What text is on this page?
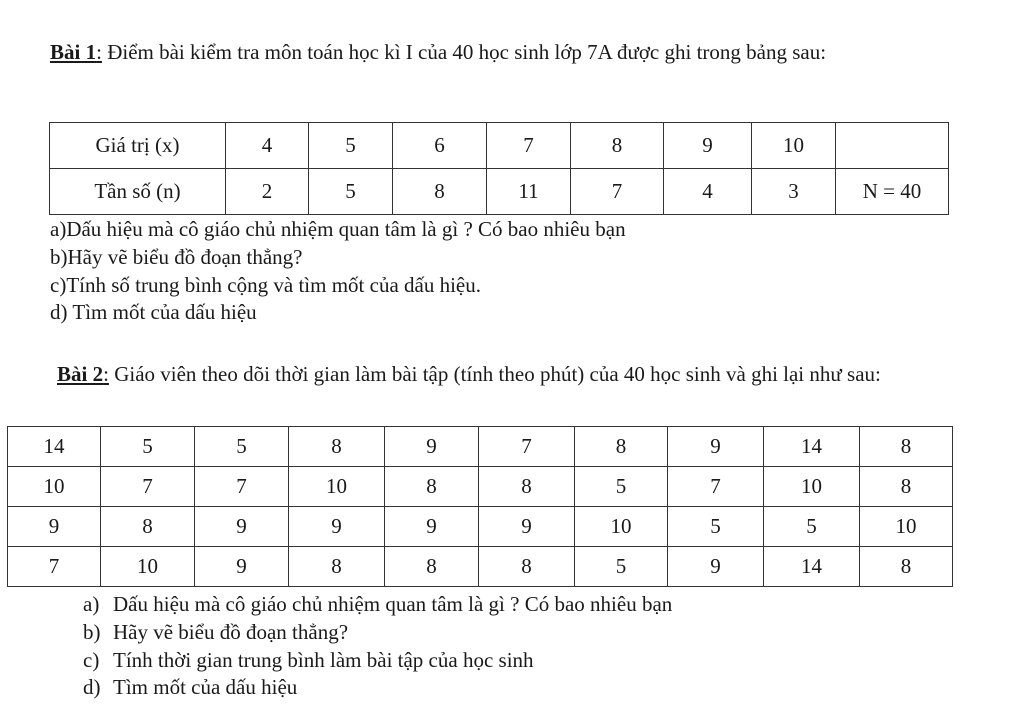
Bài 1: Điểm bài kiểm tra môn toán học kì I của 40 học sinh lớp 7A được ghi trong bảng sau:
Giá trị (x)	4	5	6	7	8	9	10	
Tần số (n)	2	5	8	11	7	4	3	N = 40
a)Dấu hiệu mà cô giáo chủ nhiệm quan tâm là gì ? Có bao nhiêu bạn
b)Hãy vẽ biểu đồ đoạn thẳng?
c)Tính số trung bình cộng và tìm mốt của dấu hiệu.
d) Tìm mốt của dấu hiệu
Bài 2: Giáo viên theo dõi thời gian làm bài tập (tính theo phút) của 40 học sinh và ghi lại như sau:
14	5	5	8	9	7	8	9	14	8
10	7	7	10	8	8	5	7	10	8
9	8	9	9	9	9	10	5	5	10
7	10	9	8	8	8	5	9	14	8
a) Dấu hiệu mà cô giáo chủ nhiệm quan tâm là gì ? Có bao nhiêu bạn
b) Hãy vẽ biểu đồ đoạn thẳng?
c) Tính thời gian trung bình làm bài tập của học sinh
d) Tìm mốt của dấu hiệu
